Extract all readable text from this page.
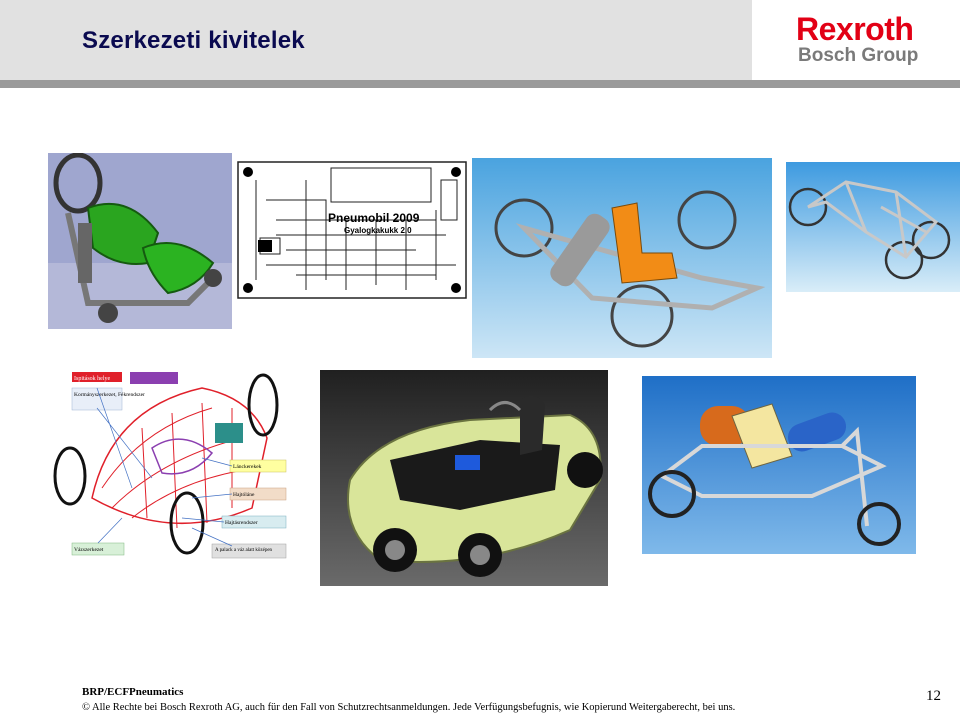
Szerkezeti kivitelek	Rexroth
Bosch Group
Pneumobil 2009
Gyalogkakukk 2.0
Ispitások helye
Kormányszerkezet, Fékrendszer
Lánckerekek
Hajtóláne
Hajtásrendszer
Vázszerkezet	A palack a váz alatt középen
BRP/ECFPneumatics
© Alle Rechte bei Bosch Rexroth AG, auch für den Fall von Schutzrechtsanmeldungen. Jede Verfügungsbefugnis, wie Kopierund Weitergaberecht, bei uns.
12
